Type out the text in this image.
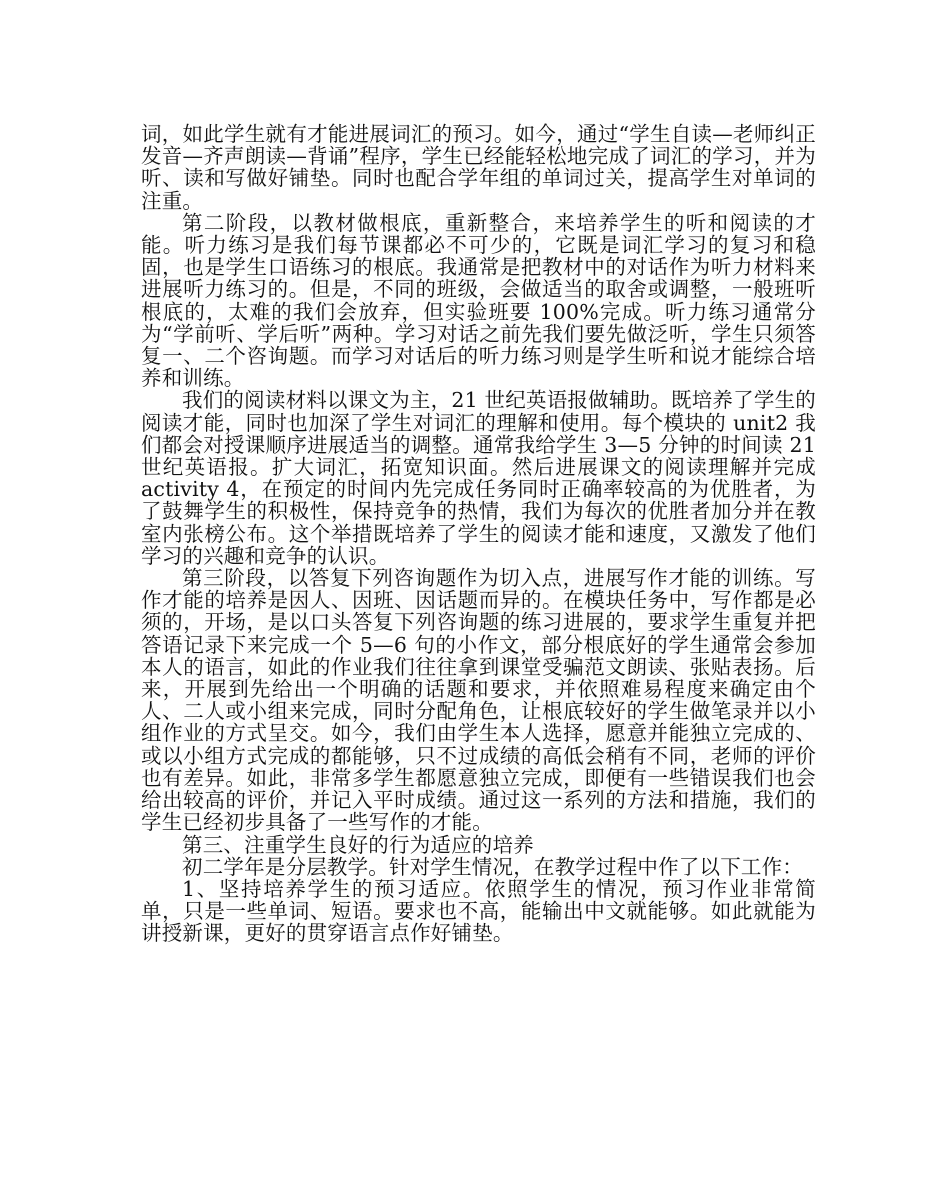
词，如此学生就有才能进展词汇的预习。如今，通过“学生自读—老师纠正发音—齐声朗读—背诵”程序，学生已经能轻松地完成了词汇的学习，并为听、读和写做好铺垫。同时也配合学年组的单词过关，提高学生对单词的注重。

第二阶段，以教材做根底，重新整合，来培养学生的听和阅读的才能。听力练习是我们每节课都必不可少的，它既是词汇学习的复习和稳固，也是学生口语练习的根底。我通常是把教材中的对话作为听力材料来进展听力练习的。但是，不同的班级，会做适当的取舍或调整，一般班听根底的，太难的我们会放弃，但实验班要 100%完成。听力练习通常分为“学前听、学后听”两种。学习对话之前先我们要先做泛听，学生只须答复一、二个咨询题。而学习对话后的听力练习则是学生听和说才能综合培养和训练。

我们的阅读材料以课文为主，21 世纪英语报做辅助。既培养了学生的阅读才能，同时也加深了学生对词汇的理解和使用。每个模块的 unit2 我们都会对授课顺序进展适当的调整。通常我给学生 3—5 分钟的时间读 21 世纪英语报。扩大词汇，拓宽知识面。然后进展课文的阅读理解并完成 activity 4，在预定的时间内先完成任务同时正确率较高的为优胜者，为了鼓舞学生的积极性，保持竞争的热情，我们为每次的优胜者加分并在教室内张榜公布。这个举措既培养了学生的阅读才能和速度，又激发了他们学习的兴趣和竞争的认识。

第三阶段，以答复下列咨询题作为切入点，进展写作才能的训练。写作才能的培养是因人、因班、因话题而异的。在模块任务中，写作都是必须的，开场，是以口头答复下列咨询题的练习进展的，要求学生重复并把答语记录下来完成一个 5—6 句的小作文，部分根底好的学生通常会参加本人的语言，如此的作业我们往往拿到课堂受骗范文朗读、张贴表扬。后来，开展到先给出一个明确的话题和要求，并依照难易程度来确定由个人、二人或小组来完成，同时分配角色，让根底较好的学生做笔录并以小组作业的方式呈交。如今，我们由学生本人选择，愿意并能独立完成的、或以小组方式完成的都能够，只不过成绩的高低会稍有不同，老师的评价也有差异。如此，非常多学生都愿意独立完成，即便有一些错误我们也会给出较高的评价，并记入平时成绩。通过这一系列的方法和措施，我们的学生已经初步具备了一些写作的才能。

第三、注重学生良好的行为适应的培养

初二学年是分层教学。针对学生情况，在教学过程中作了以下工作：

1、坚持培养学生的预习适应。依照学生的情况，预习作业非常简单，只是一些单词、短语。要求也不高，能输出中文就能够。如此就能为讲授新课，更好的贯穿语言点作好铺垫。
